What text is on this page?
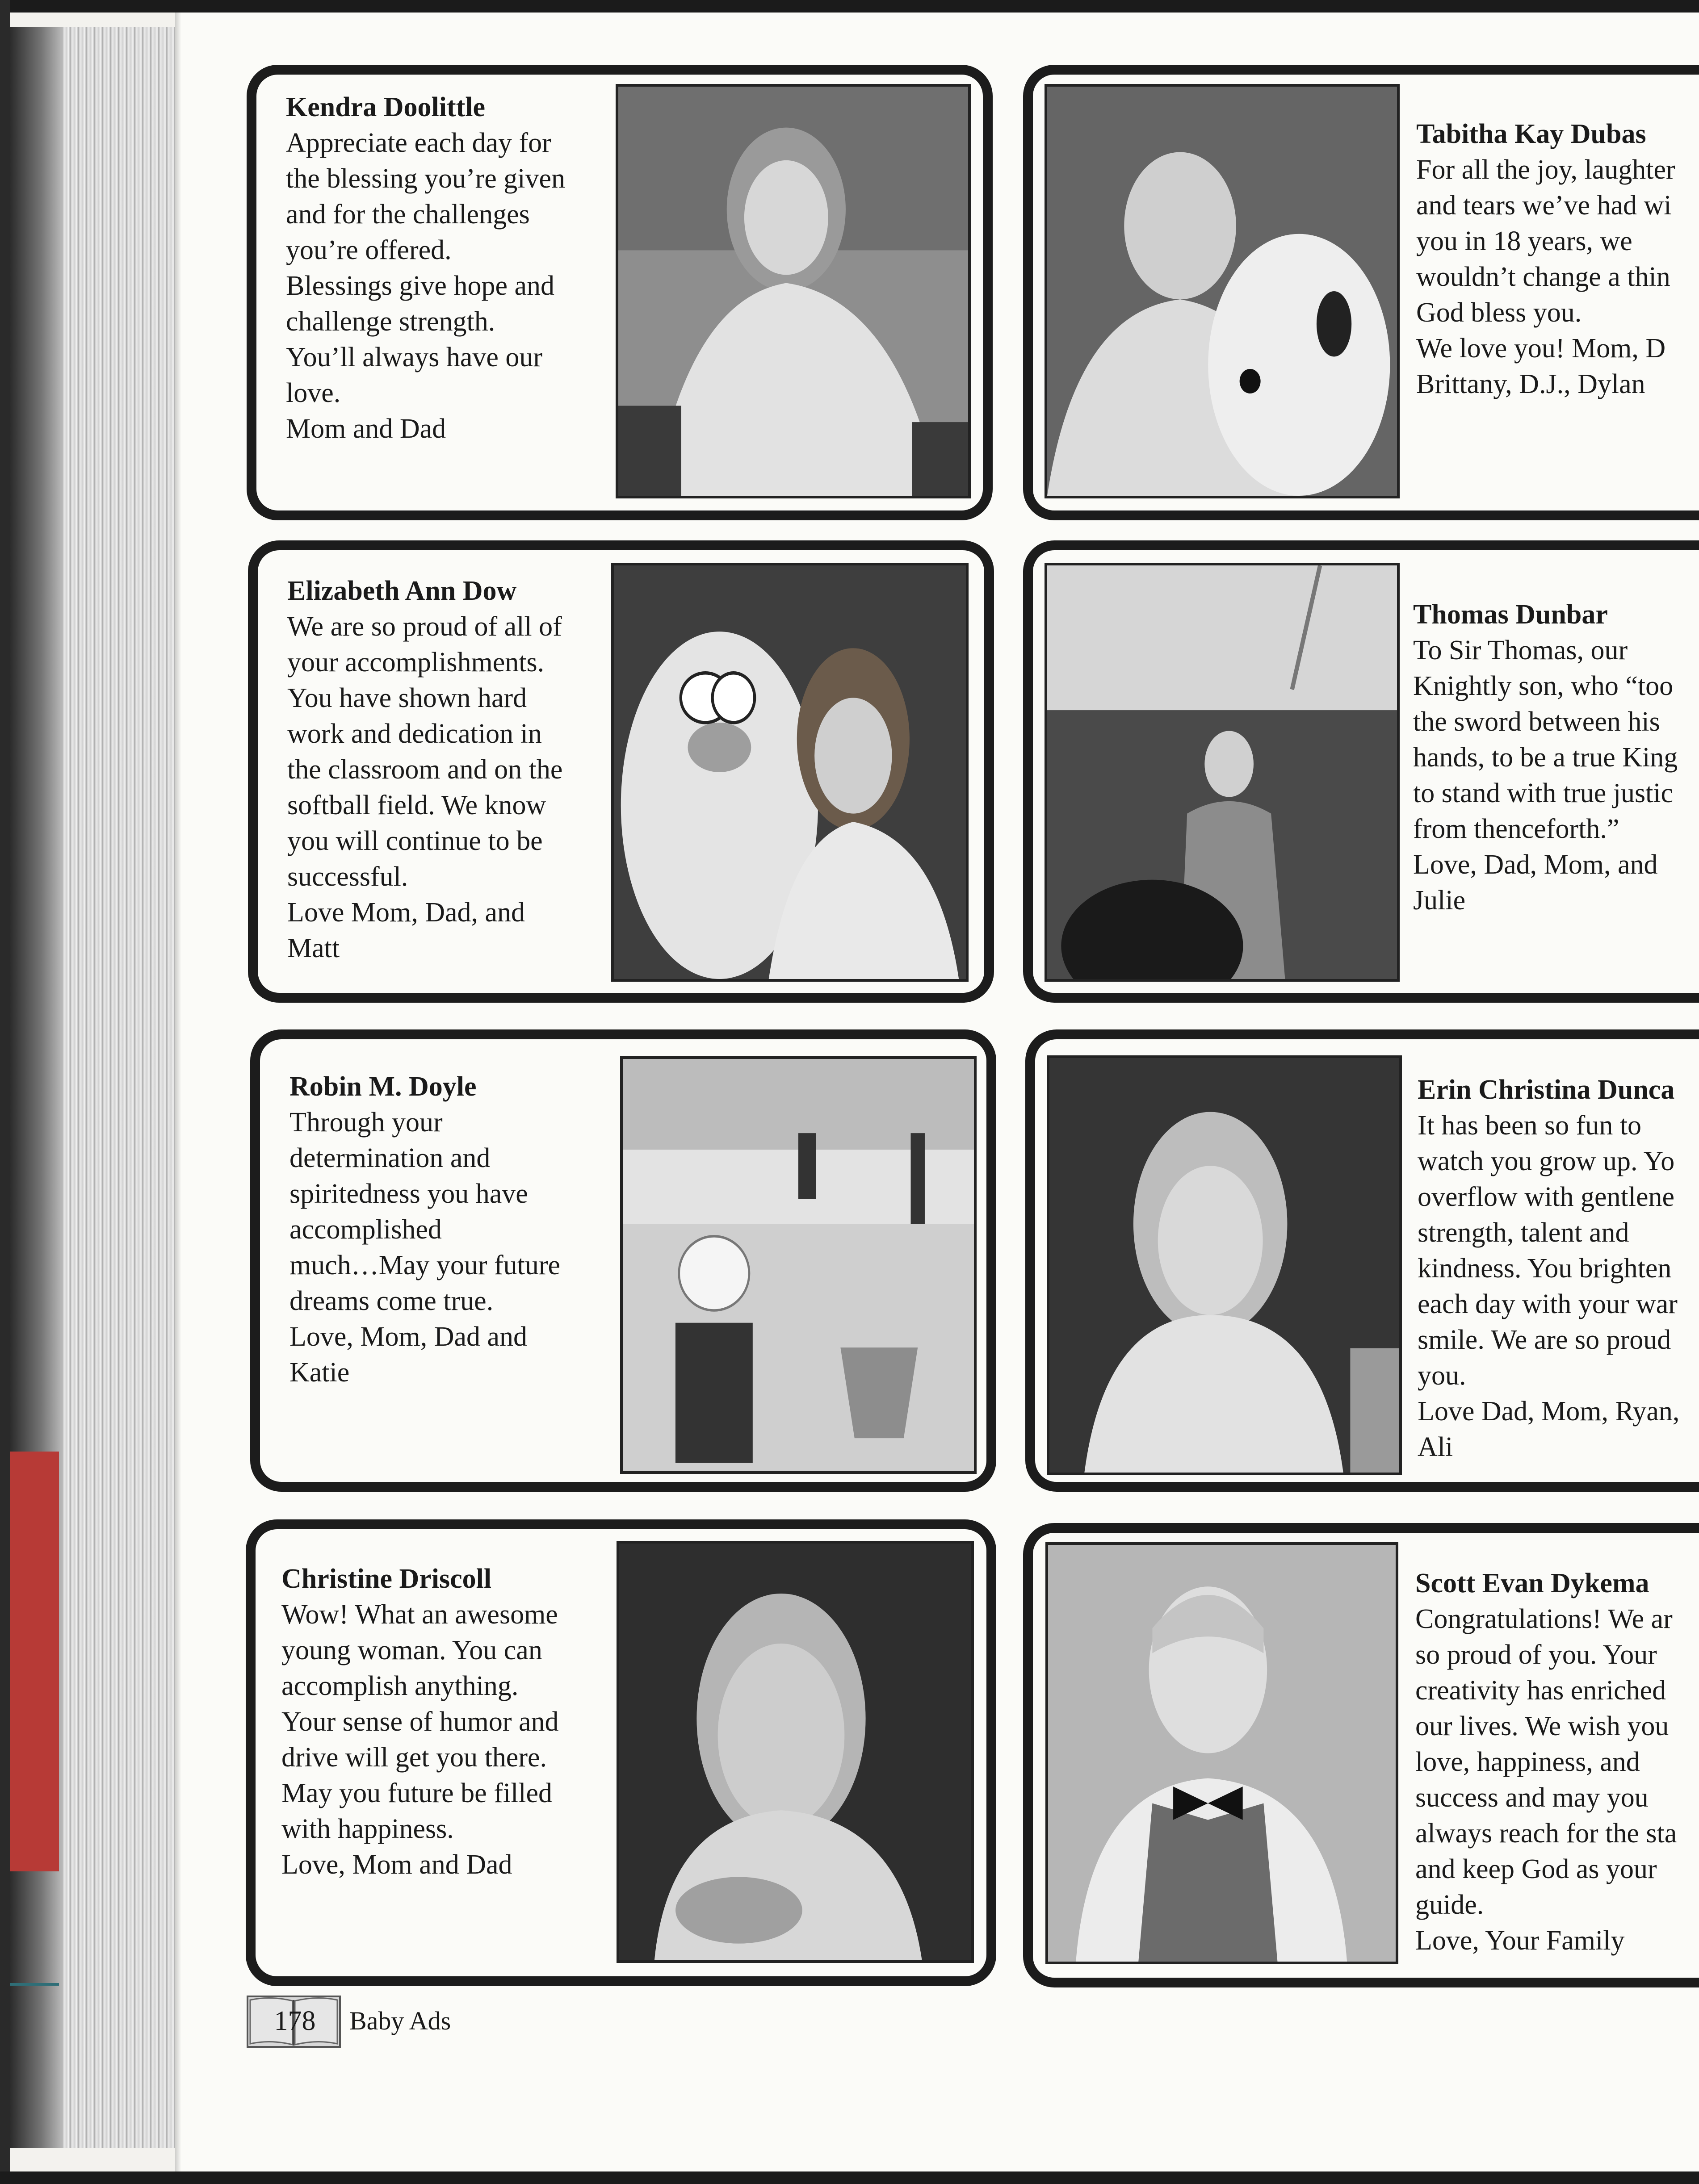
Kendra Doolittle
Appreciate each day for
the blessing you’re given
and for the challenges
you’re offered.
Blessings give hope and
challenge strength.
You’ll always have our
love.
Mom and Dad
Tabitha Kay Dubas
For all the joy, laughter
and tears we’ve had wi
you in 18 years, we
wouldn’t change a thin
God bless you.
We love you! Mom, D
Brittany, D.J., Dylan
Elizabeth Ann Dow
We are so proud of all of
your accomplishments.
You have shown hard
work and dedication in
the classroom and on the
softball field. We know
you will continue to be
successful.
Love Mom, Dad, and
Matt
Thomas Dunbar
To Sir Thomas, our
Knightly son, who “too
the sword between his
hands, to be a true King
to stand with true justic
from thenceforth.”
Love, Dad, Mom, and
Julie
Robin M. Doyle
Through your
determination and
spiritedness you have
accomplished
much…May your future
dreams come true.
Love, Mom, Dad and
Katie
Erin Christina Dunca
It has been so fun to
watch you grow up. Yo
overflow with gentlene
strength, talent and
kindness. You brighten
each day with your war
smile. We are so proud
you.
Love Dad, Mom, Ryan,
Ali
Christine Driscoll
Wow! What an awesome
young woman. You can
accomplish anything.
Your sense of humor and
drive will get you there.
May you future be filled
with happiness.
Love, Mom and Dad
Scott Evan Dykema
Congratulations! We ar
so proud of you. Your
creativity has enriched
our lives. We wish you
love, happiness, and
success and may you
always reach for the sta
and keep God as your
guide.
Love, Your Family
178 Baby Ads
